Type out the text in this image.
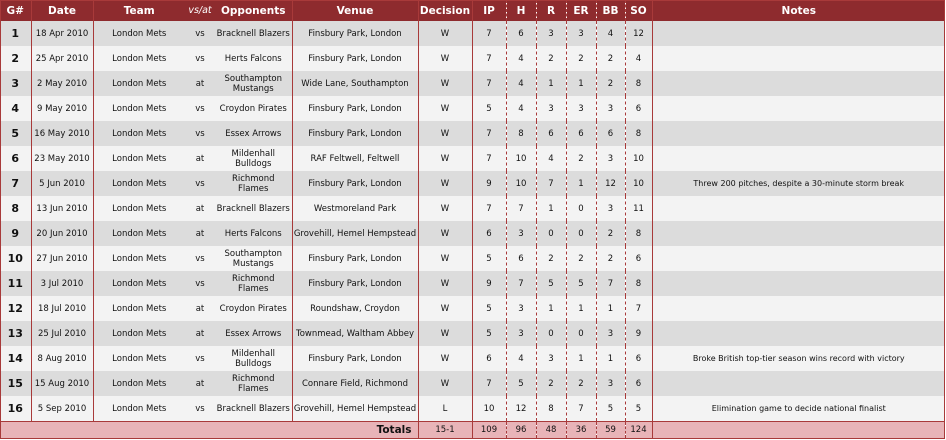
G#	Date	Team	vs/at	Opponents	Venue	Decision	IP	H	R	ER	BB	SO	Notes
1	18 Apr 2010	London Mets	vs	Bracknell Blazers	Finsbury Park, London	W	7	6	3	3	4	12	
2	25 Apr 2010	London Mets	vs	Herts Falcons	Finsbury Park, London	W	7	4	2	2	2	4	
3	2 May 2010	London Mets	at	Southampton Mustangs	Wide Lane, Southampton	W	7	4	1	1	2	8	
4	9 May 2010	London Mets	vs	Croydon Pirates	Finsbury Park, London	W	5	4	3	3	3	6	
5	16 May 2010	London Mets	vs	Essex Arrows	Finsbury Park, London	W	7	8	6	6	6	8	
6	23 May 2010	London Mets	at	Mildenhall Bulldogs	RAF Feltwell, Feltwell	W	7	10	4	2	3	10	
7	5 Jun 2010	London Mets	vs	Richmond Flames	Finsbury Park, London	W	9	10	7	1	12	10	Threw 200 pitches, despite a 30-minute storm break
8	13 Jun 2010	London Mets	at	Bracknell Blazers	Westmoreland Park	W	7	7	1	0	3	11	
9	20 Jun 2010	London Mets	at	Herts Falcons	Grovehill, Hemel Hempstead	W	6	3	0	0	2	8	
10	27 Jun 2010	London Mets	vs	Southampton Mustangs	Finsbury Park, London	W	5	6	2	2	2	6	
11	3 Jul 2010	London Mets	vs	Richmond Flames	Finsbury Park, London	W	9	7	5	5	7	8	
12	18 Jul 2010	London Mets	at	Croydon Pirates	Roundshaw, Croydon	W	5	3	1	1	1	7	
13	25 Jul 2010	London Mets	at	Essex Arrows	Townmead, Waltham Abbey	W	5	3	0	0	3	9	
14	8 Aug 2010	London Mets	vs	Mildenhall Bulldogs	Finsbury Park, London	W	6	4	3	1	1	6	Broke British top-tier season wins record with victory
15	15 Aug 2010	London Mets	at	Richmond Flames	Connare Field, Richmond	W	7	5	2	2	3	6	
16	5 Sep 2010	London Mets	vs	Bracknell Blazers	Grovehill, Hemel Hempstead	L	10	12	8	7	5	5	Elimination game to decide national finalist
Totals						15-1	109	96	48	36	59	124	
